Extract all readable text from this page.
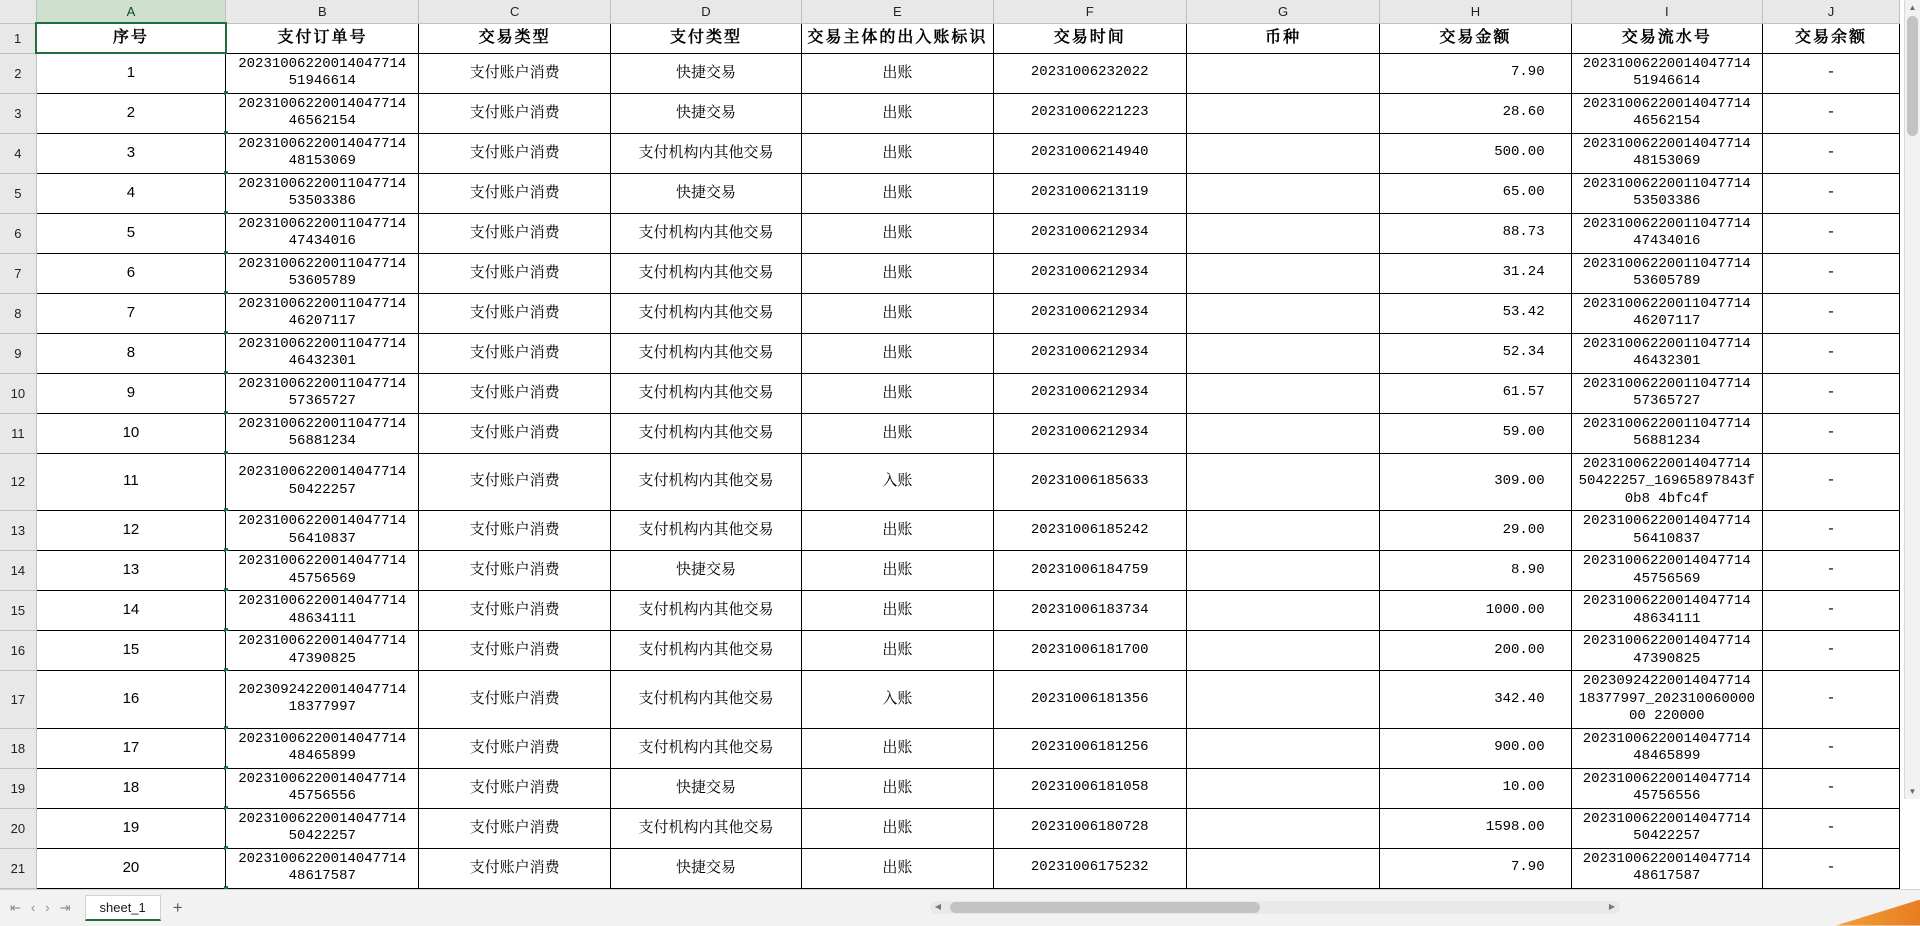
	A	B	C	D	E	F	G	H	I	J
1	序号	支付订单号	交易类型	支付类型	交易主体的出入账标识	交易时间	币种	交易金额	交易流水号	交易余额
2	1	20231006220014047714 51946614	支付账户消费	快捷交易	出账	20231006232022		7.90	20231006220014047714 51946614	-
3	2	20231006220014047714 46562154	支付账户消费	快捷交易	出账	20231006221223		28.60	20231006220014047714 46562154	-
4	3	20231006220014047714 48153069	支付账户消费	支付机构内其他交易	出账	20231006214940		500.00	20231006220014047714 48153069	-
5	4	20231006220011047714 53503386	支付账户消费	快捷交易	出账	20231006213119		65.00	20231006220011047714 53503386	-
6	5	20231006220011047714 47434016	支付账户消费	支付机构内其他交易	出账	20231006212934		88.73	20231006220011047714 47434016	-
7	6	20231006220011047714 53605789	支付账户消费	支付机构内其他交易	出账	20231006212934		31.24	20231006220011047714 53605789	-
8	7	20231006220011047714 46207117	支付账户消费	支付机构内其他交易	出账	20231006212934		53.42	20231006220011047714 46207117	-
9	8	20231006220011047714 46432301	支付账户消费	支付机构内其他交易	出账	20231006212934		52.34	20231006220011047714 46432301	-
10	9	20231006220011047714 57365727	支付账户消费	支付机构内其他交易	出账	20231006212934		61.57	20231006220011047714 57365727	-
11	10	20231006220011047714 56881234	支付账户消费	支付机构内其他交易	出账	20231006212934		59.00	20231006220011047714 56881234	-
12	11	20231006220014047714 50422257	支付账户消费	支付机构内其他交易	入账	20231006185633		309.00	20231006220014047714 50422257_16965897843f0b8 4bfc4f	-
13	12	20231006220014047714 56410837	支付账户消费	支付机构内其他交易	出账	20231006185242		29.00	20231006220014047714 56410837	-
14	13	20231006220014047714 45756569	支付账户消费	快捷交易	出账	20231006184759		8.90	20231006220014047714 45756569	-
15	14	20231006220014047714 48634111	支付账户消费	支付机构内其他交易	出账	20231006183734		1000.00	20231006220014047714 48634111	-
16	15	20231006220014047714 47390825	支付账户消费	支付机构内其他交易	出账	20231006181700		200.00	20231006220014047714 47390825	-
17	16	20230924220014047714 18377997	支付账户消费	支付机构内其他交易	入账	20231006181356		342.40	20230924220014047714 18377997_20231006000000 220000	-
18	17	20231006220014047714 48465899	支付账户消费	支付机构内其他交易	出账	20231006181256		900.00	20231006220014047714 48465899	-
19	18	20231006220014047714 45756556	支付账户消费	快捷交易	出账	20231006181058		10.00	20231006220014047714 45756556	-
20	19	20231006220014047714 50422257	支付账户消费	支付机构内其他交易	出账	20231006180728		1598.00	20231006220014047714 50422257	-
21	20	20231006220014047714 48617587	支付账户消费	快捷交易	出账	20231006175232		7.90	20231006220014047714 48617587	-
▲
▼
⇤ ‹ › ⇥	sheet_1	+	◀	▶
